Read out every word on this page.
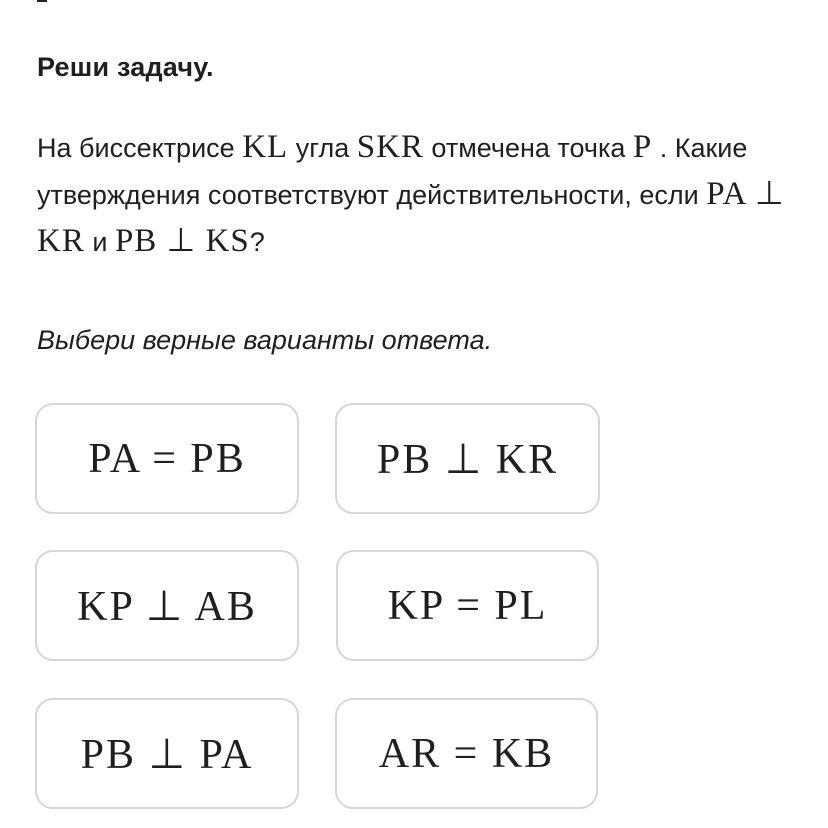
Реши задачу.
На биссектрисе KL угла SKR отмечена точка P . Какие утверждения соответствуют действительности, если PA ⊥ KR и PB ⊥ KS?
Выбери верные варианты ответа.
PA = PB	PB ⊥ KR
KP ⊥ AB	KP = PL
PB ⊥ PA	AR = KB
